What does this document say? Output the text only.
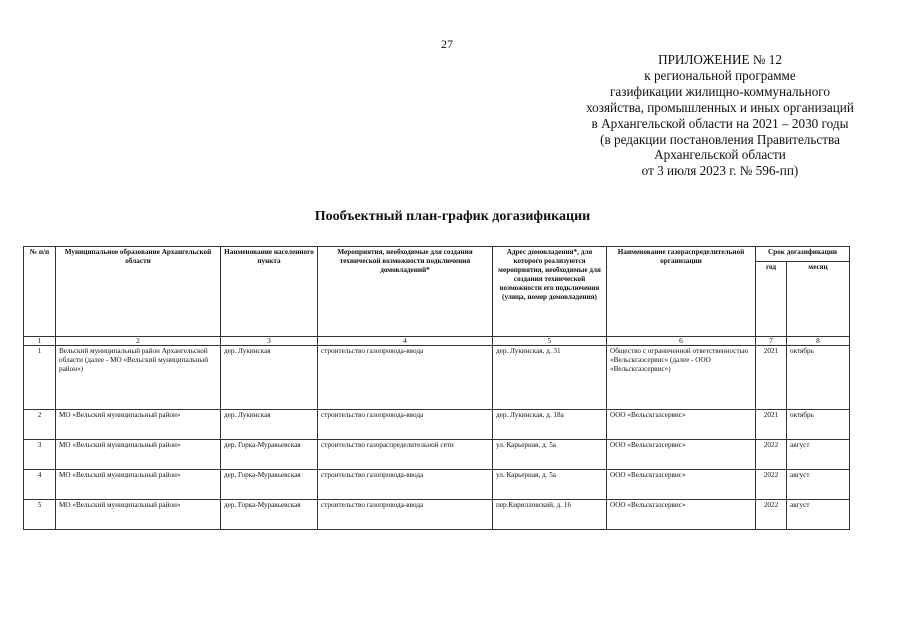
27
ПРИЛОЖЕНИЕ № 12
к региональной программе
газификации жилищно-коммунального
хозяйства, промышленных и иных организаций
в Архангельской области на 2021 – 2030 годы
(в редакции постановления Правительства
Архангельской области
от 3 июля 2023 г. № 596-пп)
Пообъектный план-график догазификации
№ п/п	Муниципальное образование Архангельской области	Наименование населенного пункта	Мероприятия, необходимые для создания технической возможности подключения домовладений*	Адрес домовладения*, для которого реализуются мероприятия, необходимые для создания технической возможности его подключения (улица, номер домовладения)	Наименование газораспределительной организации	Срок догазификации	
						год	месяц
1	2	3	4	5	6	7	8
1	Вельский муниципальный район Архангельской области (далее - МО «Вельский муниципальный район»)	дер. Лукинская	строительство газопровода-ввода	дер. Лукинская, д. 31	Общество с ограниченной ответственностью «Вельскгазсервис» (далее - ООО «Вельскгазсервис»)	2021	октябрь
2	МО «Вельский муниципальный район»	дер. Лукинская	строительство газопровода-ввода	дер. Лукинская, д. 18а	ООО «Вельскгазсервис»	2021	октябрь
3	МО «Вельский муниципальный район»	дер. Горка-Муравьевская	строительство газораспределительной сети	ул. Карьерная, д. 5а	ООО «Вельскгазсервис»	2022	август
4	МО «Вельский муниципальный район»	дер. Горка-Муравьевская	строительство газопровода-ввода	ул. Карьерная, д. 5а	ООО «Вельскгазсервис»	2022	август
5	МО «Вельский муниципальный район»	дер. Горка-Муравьевская	строительство газопровода-ввода	пер.Кирилловский, д. 16	ООО «Вельскгазсервис»	2022	август
